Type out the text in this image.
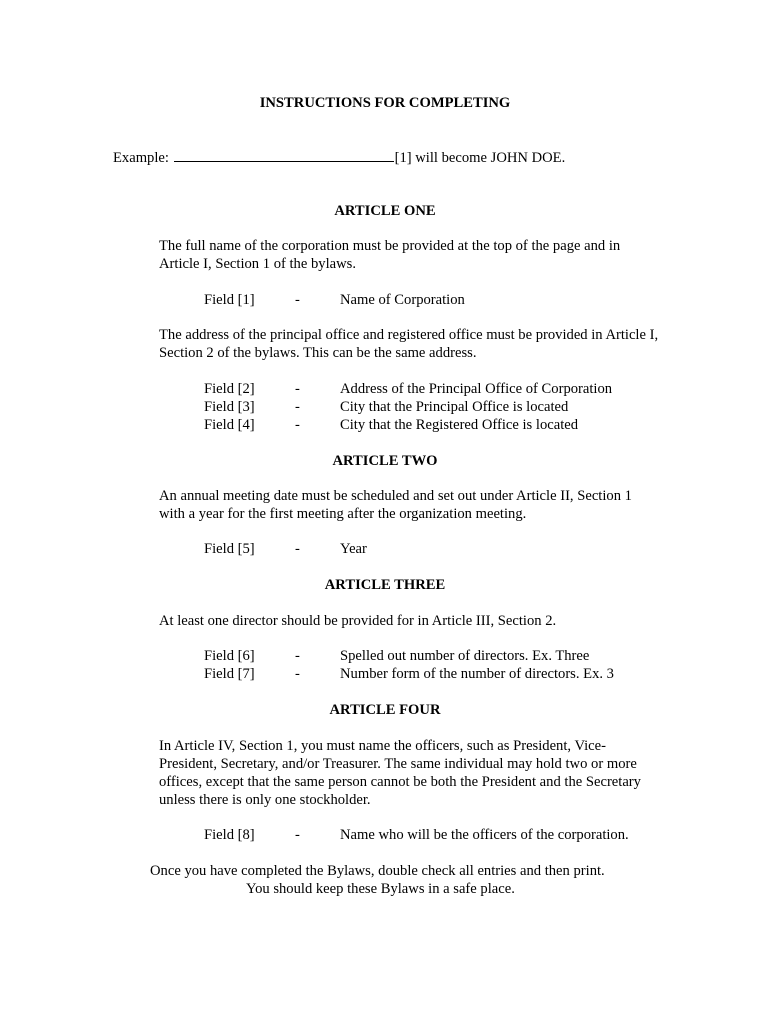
INSTRUCTIONS FOR COMPLETING
Example:	[1] will become JOHN DOE.
ARTICLE ONE
The full name of the corporation must be provided at the top of the page and in Article I, Section 1 of the bylaws.
Field [1]	-	Name of Corporation
The address of the principal office and registered office must be provided in Article I, Section 2 of the bylaws. This can be the same address.
Field [2]	-	Address of the Principal Office of Corporation
Field [3]	-	City that the Principal Office is located
Field [4]	-	City that the Registered Office is located
ARTICLE TWO
An annual meeting date must be scheduled and set out under Article II, Section 1 with a year for the first meeting after the organization meeting.
Field [5]	-	Year
ARTICLE THREE
At least one director should be provided for in Article III, Section 2.
Field [6]	-	Spelled out number of directors. Ex. Three
Field [7]	-	Number form of the number of directors. Ex. 3
ARTICLE FOUR
In Article IV, Section 1, you must name the officers, such as President, Vice-President, Secretary, and/or Treasurer. The same individual may hold two or more offices, except that the same person cannot be both the President and the Secretary unless there is only one stockholder.
Field [8]	-	Name who will be the officers of the corporation.
Once you have completed the Bylaws, double check all entries and then print.
You should keep these Bylaws in a safe place.
